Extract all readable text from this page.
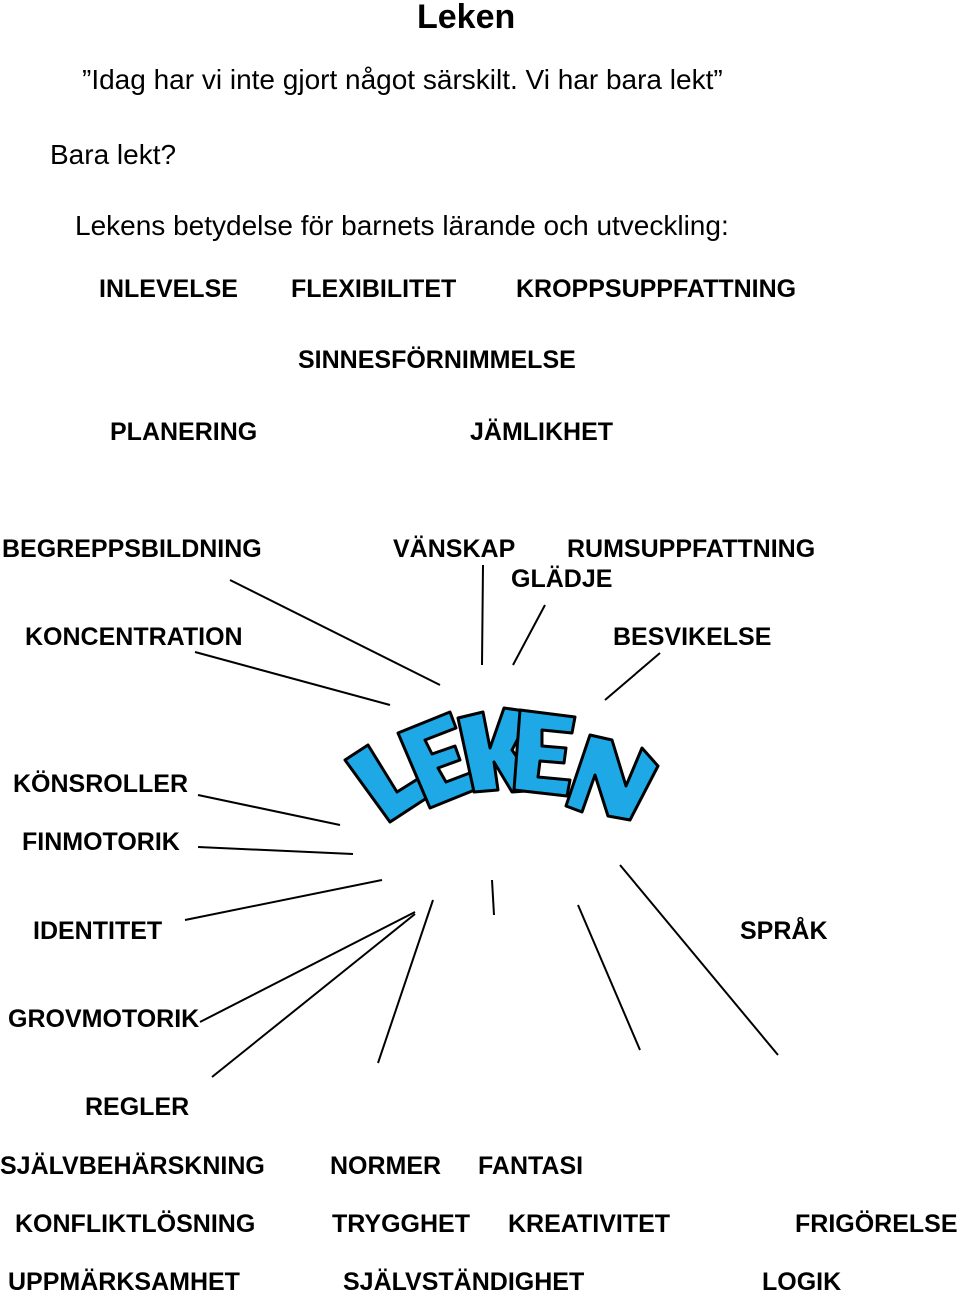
Leken
”Idag har vi inte gjort något särskilt. Vi har bara lekt”
Bara lekt?
Lekens betydelse för barnets lärande och utveckling:
INLEVELSE FLEXIBILITET KROPPSUPPFATTNING
SINNESFÖRNIMMELSE
PLANERING	JÄMLIKHET
BEGREPPSBILDNING	VÄNSKAP RUMSUPPFATTNING
GLÄDJE
KONCENTRATION	BESVIKELSE
KÖNSROLLER
FINMOTORIK
IDENTITET	SPRÅK
GROVMOTORIK
REGLER
SJÄLVBEHÄRSKNING	NORMER FANTASI
KONFLIKTLÖSNING	TRYGGHET KREATIVITET	FRIGÖRELSE
UPPMÄRKSAMHET	SJÄLVSTÄNDIGHET	LOGIK
